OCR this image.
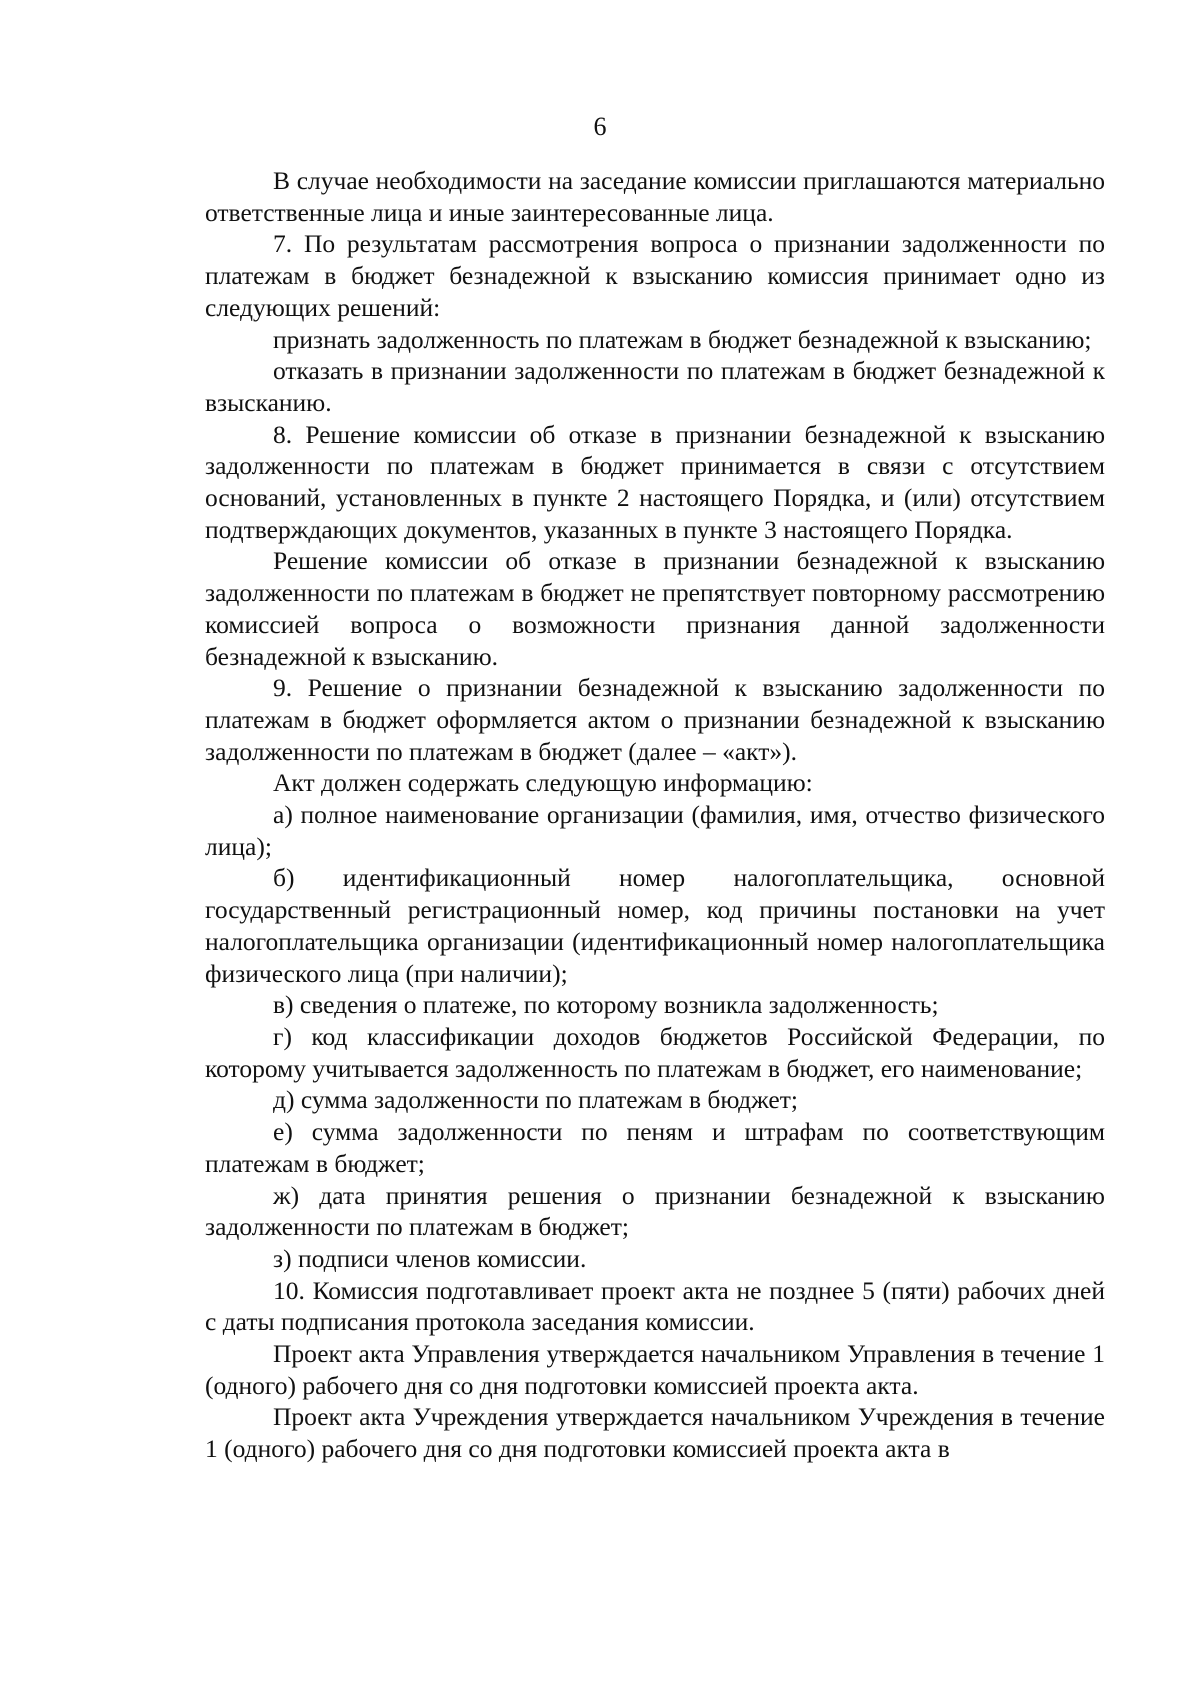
6

В случае необходимости на заседание комиссии приглашаются материально ответственные лица и иные заинтересованные лица.

7. По результатам рассмотрения вопроса о признании задолженности по платежам в бюджет безнадежной к взысканию комиссия принимает одно из следующих решений:

признать задолженность по платежам в бюджет безнадежной к взысканию;

отказать в признании задолженности по платежам в бюджет безнадежной к взысканию.

8. Решение комиссии об отказе в признании безнадежной к взысканию задолженности по платежам в бюджет принимается в связи с отсутствием оснований, установленных в пункте 2 настоящего Порядка, и (или) отсутствием подтверждающих документов, указанных в пункте 3 настоящего Порядка.

Решение комиссии об отказе в признании безнадежной к взысканию задолженности по платежам в бюджет не препятствует повторному рассмотрению комиссией вопроса о возможности признания данной задолженности безнадежной к взысканию.

9. Решение о признании безнадежной к взысканию задолженности по платежам в бюджет оформляется актом о признании безнадежной к взысканию задолженности по платежам в бюджет (далее – «акт»).

Акт должен содержать следующую информацию:

а) полное наименование организации (фамилия, имя, отчество физического лица);

б) идентификационный номер налогоплательщика, основной государственный регистрационный номер, код причины постановки на учет налогоплательщика организации (идентификационный номер налогоплательщика физического лица (при наличии);

в) сведения о платеже, по которому возникла задолженность;

г) код классификации доходов бюджетов Российской Федерации, по которому учитывается задолженность по платежам в бюджет, его наименование;

д) сумма задолженности по платежам в бюджет;

е) сумма задолженности по пеням и штрафам по соответствующим платежам в бюджет;

ж) дата принятия решения о признании безнадежной к взысканию задолженности по платежам в бюджет;

з) подписи членов комиссии.

10. Комиссия подготавливает проект акта не позднее 5 (пяти) рабочих дней с даты подписания протокола заседания комиссии.

Проект акта Управления утверждается начальником Управления в течение 1 (одного) рабочего дня со дня подготовки комиссией проекта акта.

Проект акта Учреждения утверждается начальником Учреждения в течение 1 (одного) рабочего дня со дня подготовки комиссией проекта акта в
